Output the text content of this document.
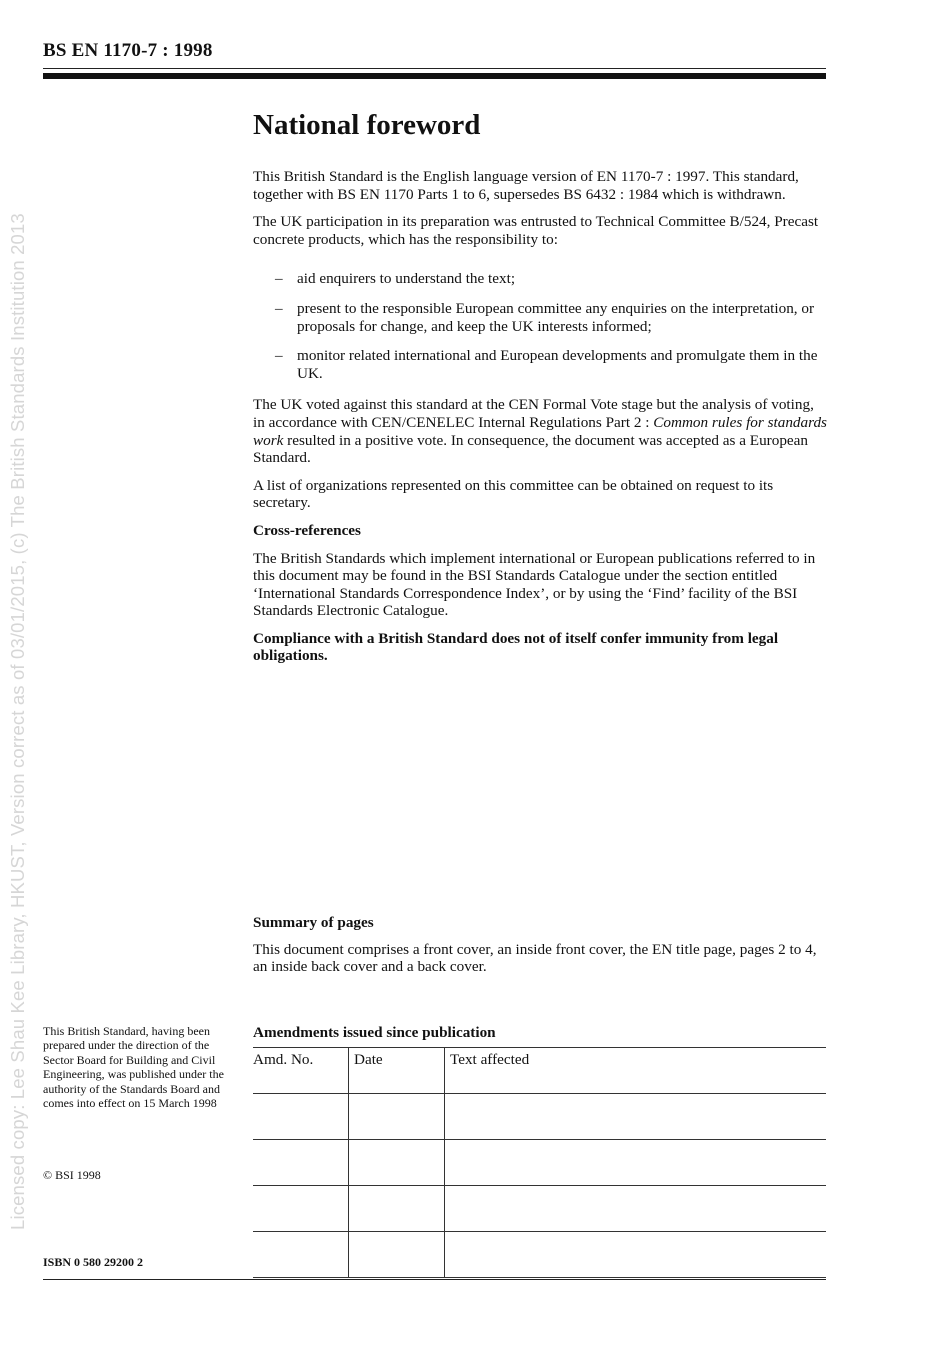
BS EN 1170-7 : 1998
Licensed copy: Lee Shau Kee Library, HKUST, Version correct as of 03/01/2015, (c) The British Standards Institution 2013
National foreword

This British Standard is the English language version of EN 1170-7 : 1997. This standard, together with BS EN 1170 Parts 1 to 6, supersedes BS 6432 : 1984 which is withdrawn.

The UK participation in its preparation was entrusted to Technical Committee B/524, Precast concrete products, which has the responsibility to:

– aid enquirers to understand the text;
– present to the responsible European committee any enquiries on the interpretation, or proposals for change, and keep the UK interests informed;
– monitor related international and European developments and promulgate them in the UK.

The UK voted against this standard at the CEN Formal Vote stage but the analysis of voting, in accordance with CEN/CENELEC Internal Regulations Part 2 : Common rules for standards work resulted in a positive vote. In consequence, the document was accepted as a European Standard.

A list of organizations represented on this committee can be obtained on request to its secretary.

Cross-references

The British Standards which implement international or European publications referred to in this document may be found in the BSI Standards Catalogue under the section entitled ‘International Standards Correspondence Index’, or by using the ‘Find’ facility of the BSI Standards Electronic Catalogue.

Compliance with a British Standard does not of itself confer immunity from legal obligations.

Summary of pages

This document comprises a front cover, an inside front cover, the EN title page, pages 2 to 4, an inside back cover and a back cover.

This British Standard, having been prepared under the direction of the Sector Board for Building and Civil Engineering, was published under the authority of the Standards Board and comes into effect on 15 March 1998
© BSI 1998
ISBN 0 580 29200 2
Amendments issued since publication
Amd. No.	Date	Text affected
